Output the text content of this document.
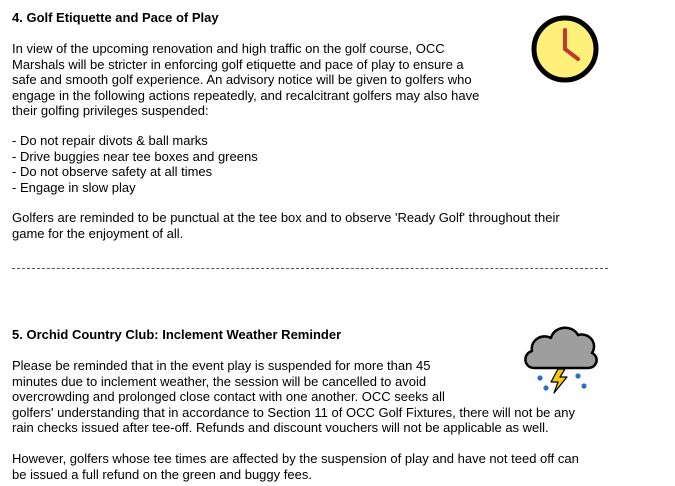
4. Golf Etiquette and Pace of Play

In view of the upcoming renovation and high traffic on the golf course, OCC

Marshals will be stricter in enforcing golf etiquette and pace of play to ensure a

safe and smooth golf experience. An advisory notice will be given to golfers who

engage in the following actions repeatedly, and recalcitrant golfers may also have

their golfing privileges suspended:

- Do not repair divots & ball marks
- Drive buggies near tee boxes and greens
- Do not observe safety at all times
- Engage in slow play

Golfers are reminded to be punctual at the tee box and to observe 'Ready Golf' throughout their

game for the enjoyment of all.

5. Orchid Country Club: Inclement Weather Reminder

Please be reminded that in the event play is suspended for more than 45

minutes due to inclement weather, the session will be cancelled to avoid

overcrowding and prolonged close contact with one another. OCC seeks all

golfers' understanding that in accordance to Section 11 of OCC Golf Fixtures, there will not be any

rain checks issued after tee-off. Refunds and discount vouchers will not be applicable as well.

However, golfers whose tee times are affected by the suspension of play and have not teed off can

be issued a full refund on the green and buggy fees.
